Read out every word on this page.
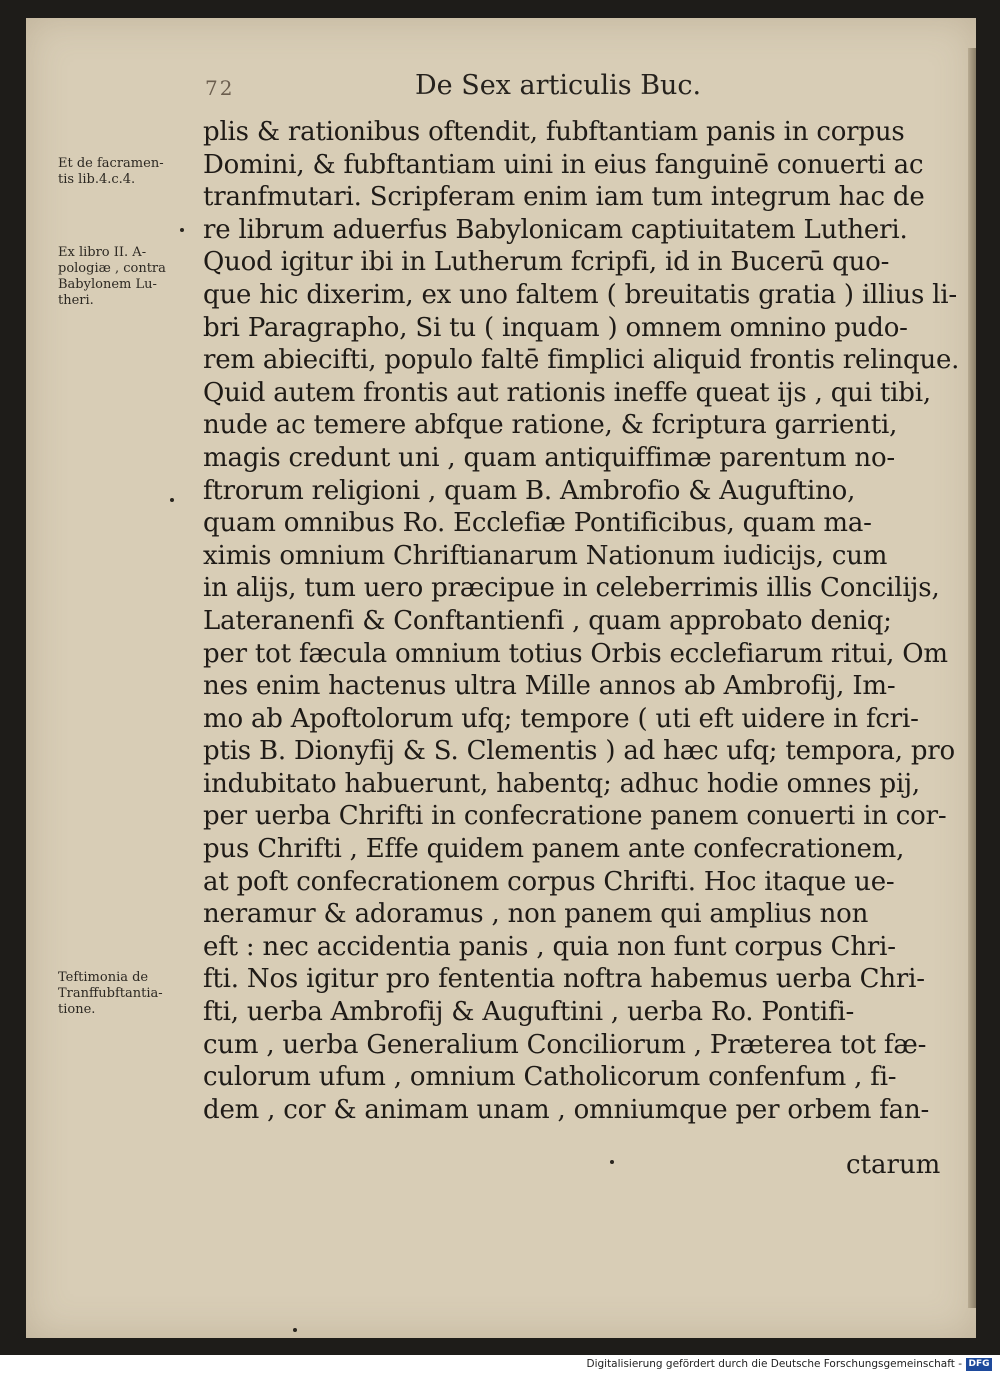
72	De Sex articulis Buc.
Et de facramen-
tis lib.4.c.4.
Ex libro II. A-
pologiæ , contra
Babylonem Lu-
theri.
Teftimonia de
Tranffubftantia-
tione.
plis & rationibus oftendit, fubftantiam panis in corpus
Domini, & fubftantiam uini in eius fanguinē conuerti ac
tranfmutari. Scripferam enim iam tum integrum hac de
re librum aduerfus Babylonicam captiuitatem Lutheri.
Quod igitur ibi in Lutherum fcripfi, id in Bucerū quo-
que hic dixerim, ex uno faltem ( breuitatis gratia ) illius li-
bri Paragrapho, Si tu ( inquam ) omnem omnino pudo-
rem abiecifti, populo faltē fimplici aliquid frontis relinque.
Quid autem frontis aut rationis ineffe queat ijs , qui tibi,
nude ac temere abfque ratione, & fcriptura garrienti,
magis credunt uni , quam antiquiffimæ parentum no-
ftrorum religioni , quam B. Ambrofio & Auguftino,
quam omnibus Ro. Ecclefiæ Pontificibus, quam ma-
ximis omnium Chriftianarum Nationum iudicijs, cum
in alijs, tum uero præcipue in celeberrimis illis Concilijs,
Lateranenfi & Conftantienfi , quam approbato deniq;
per tot fæcula omnium totius Orbis ecclefiarum ritui, Om
nes enim hactenus ultra Mille annos ab Ambrofij, Im-
mo ab Apoftolorum ufq; tempore ( uti eft uidere in fcri-
ptis B. Dionyfij & S. Clementis ) ad hæc ufq; tempora, pro
indubitato habuerunt, habentq; adhuc hodie omnes pij,
per uerba Chrifti in confecratione panem conuerti in cor-
pus Chrifti , Effe quidem panem ante confecrationem,
at poft confecrationem corpus Chrifti. Hoc itaque ue-
neramur & adoramus , non panem qui amplius non
eft : nec accidentia panis , quia non funt corpus Chri-
fti. Nos igitur pro fententia noftra habemus uerba Chri-
fti, uerba Ambrofij & Auguftini , uerba Ro. Pontifi-
cum , uerba Generalium Conciliorum , Præterea tot fæ-
culorum ufum , omnium Catholicorum confenfum , fi-
dem , cor & animam unam , omniumque per orbem fan-
ctarum
Digitalisierung gefördert durch die Deutsche Forschungsgemeinschaft - DFG
